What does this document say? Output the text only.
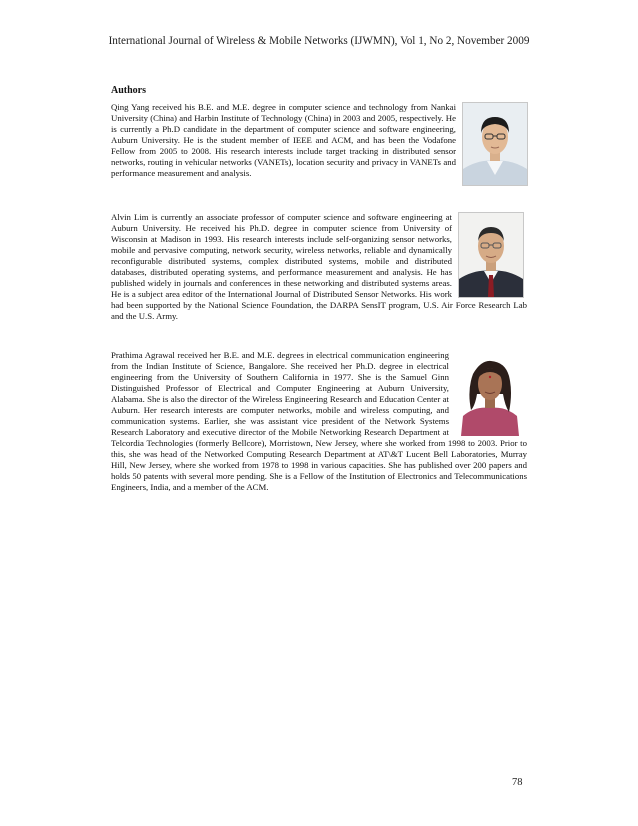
International Journal of Wireless & Mobile Networks (IJWMN), Vol 1, No 2, November 2009
Authors

Qing Yang received his B.E. and M.E. degree in computer science and technology from Nankai University (China) and Harbin Institute of Technology (China) in 2003 and 2005, respectively. He is currently a Ph.D candidate in the department of computer science and software engineering, Auburn University. He is the student member of IEEE and ACM, and has been the Vodafone Fellow from 2005 to 2008. His research interests include target tracking in distributed sensor networks, routing in vehicular networks (VANETs), location security and privacy in VANETs and performance measurement and analysis.

Alvin Lim is currently an associate professor of computer science and software engineering at Auburn University. He received his Ph.D. degree in computer science from University of Wisconsin at Madison in 1993. His research interests include self-organizing sensor networks, mobile and pervasive computing, network security, wireless networks, reliable and dynamically reconfigurable distributed systems, complex distributed systems, mobile and distributed databases, distributed operating systems, and performance measurement and analysis. He has published widely in journals and conferences in these networking and distributed systems areas. He is a subject area editor of the International Journal of Distributed Sensor Networks. His work had been supported by the National Science Foundation, the DARPA SensIT program, U.S. Air Force Research Lab and the U.S. Army.

Prathima Agrawal received her B.E. and M.E. degrees in electrical communication engineering from the Indian Institute of Science, Bangalore. She received her Ph.D. degree in electrical engineering from the University of Southern California in 1977. She is the Samuel Ginn Distinguished Professor of Electrical and Computer Engineering at Auburn University, Alabama. She is also the director of the Wireless Engineering Research and Education Center at Auburn. Her research interests are computer networks, mobile and wireless computing, and communication systems. Earlier, she was assistant vice president of the Network Systems Research Laboratory and executive director of the Mobile Networking Research Department at Telcordia Technologies (formerly Bellcore), Morristown, New Jersey, where she worked from 1998 to 2003. Prior to this, she was head of the Networked Computing Research Department at AT\&T Lucent Bell Laboratories, Murray Hill, New Jersey, where she worked from 1978 to 1998 in various capacities. She has published over 200 papers and holds 50 patents with several more pending. She is a Fellow of the Institution of Electronics and Telecommunications Engineers, India, and a member of the ACM.

78
